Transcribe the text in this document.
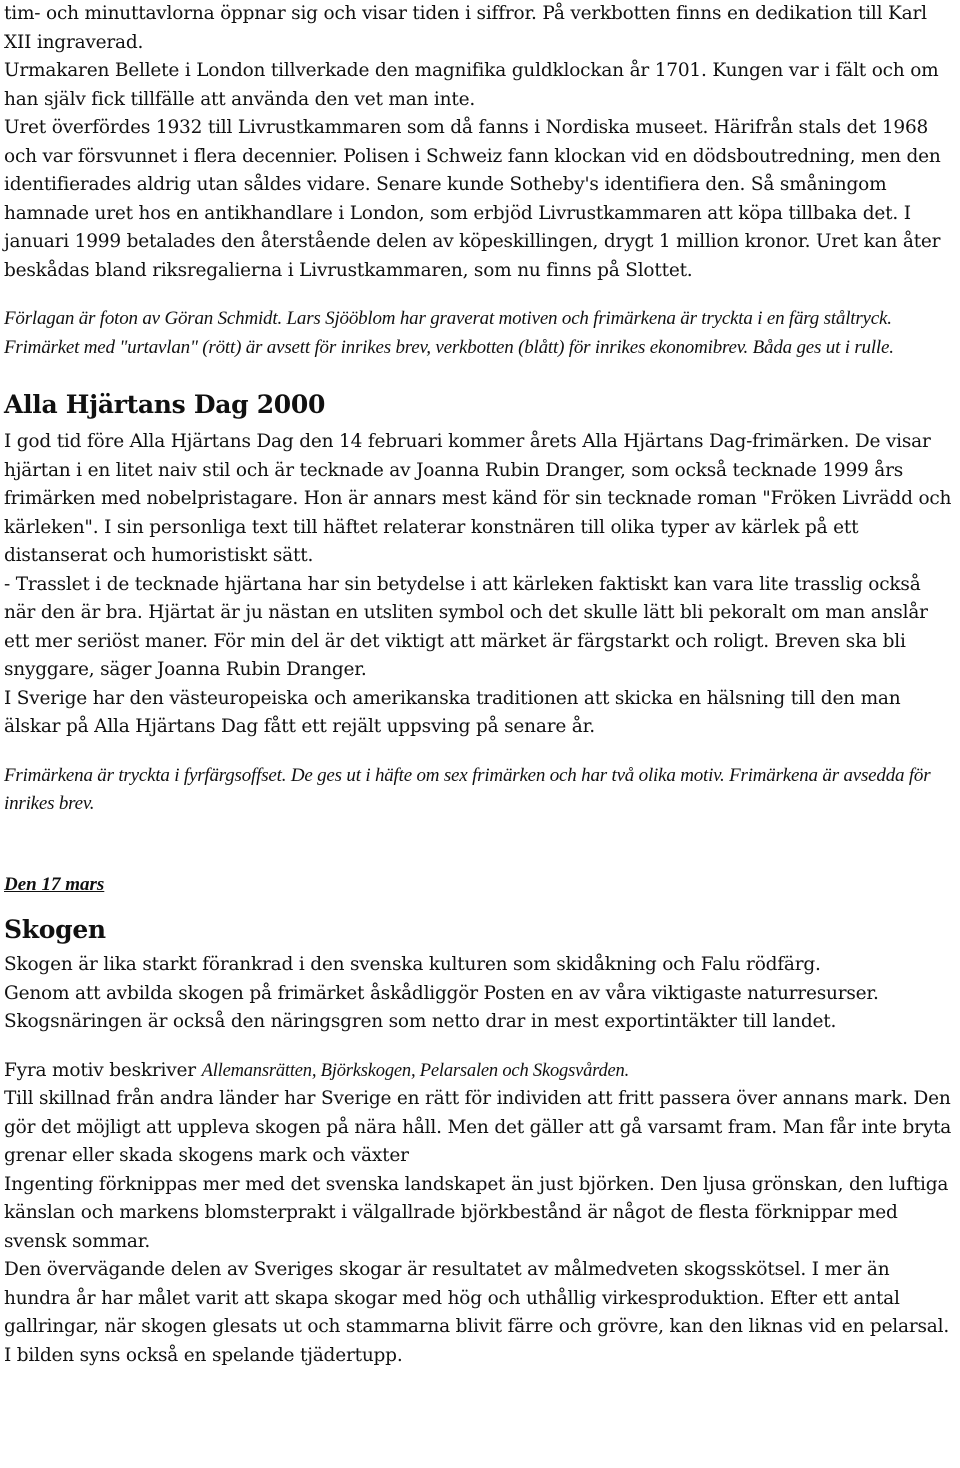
tim- och minuttavlorna öppnar sig och visar tiden i siffror. På verkbotten finns en dedikation till Karl XII ingraverad.

Urmakaren Bellete i London tillverkade den magnifika guldklockan år 1701. Kungen var i fält och om han själv fick tillfälle att använda den vet man inte.

Uret överfördes 1932 till Livrustkammaren som då fanns i Nordiska museet. Härifrån stals det 1968 och var försvunnet i flera decennier. Polisen i Schweiz fann klockan vid en dödsboutredning, men den identifierades aldrig utan såldes vidare. Senare kunde Sotheby's identifiera den. Så småningom hamnade uret hos en antikhandlare i London, som erbjöd Livrustkammaren att köpa tillbaka det. I januari 1999 betalades den återstående delen av köpeskillingen, drygt 1 million kronor. Uret kan åter beskådas bland riksregalierna i Livrustkammaren, som nu finns på Slottet.

Förlagan är foton av Göran Schmidt. Lars Sjööblom har graverat motiven och frimärkena är tryckta i en färg ståltryck. Frimärket med "urtavlan" (rött) är avsett för inrikes brev, verkbotten (blått) för inrikes ekonomibrev. Båda ges ut i rulle.

Alla Hjärtans Dag 2000

I god tid före Alla Hjärtans Dag den 14 februari kommer årets Alla Hjärtans Dag-frimärken. De visar hjärtan i en litet naiv stil och är tecknade av Joanna Rubin Dranger, som också tecknade 1999 års frimärken med nobelpristagare. Hon är annars mest känd för sin tecknade roman "Fröken Livrädd och kärleken". I sin personliga text till häftet relaterar konstnären till olika typer av kärlek på ett distanserat och humoristiskt sätt.

- Trasslet i de tecknade hjärtana har sin betydelse i att kärleken faktiskt kan vara lite trasslig också när den är bra. Hjärtat är ju nästan en utsliten symbol och det skulle lätt bli pekoralt om man anslår ett mer seriöst maner. För min del är det viktigt att märket är färgstarkt och roligt. Breven ska bli snyggare, säger Joanna Rubin Dranger.

I Sverige har den västeuropeiska och amerikanska traditionen att skicka en hälsning till den man älskar på Alla Hjärtans Dag fått ett rejält uppsving på senare år.

Frimärkena är tryckta i fyrfärgsoffset. De ges ut i häfte om sex frimärken och har två olika motiv. Frimärkena är avsedda för inrikes brev.

Den 17 mars

Skogen

Skogen är lika starkt förankrad i den svenska kulturen som skidåkning och Falu rödfärg.

Genom att avbilda skogen på frimärket åskådliggör Posten en av våra viktigaste naturresurser.

Skogsnäringen är också den näringsgren som netto drar in mest exportintäkter till landet.

Fyra motiv beskriver Allemansrätten, Björkskogen, Pelarsalen och Skogsvården.

Till skillnad från andra länder har Sverige en rätt för individen att fritt passera över annans mark. Den gör det möjligt att uppleva skogen på nära håll. Men det gäller att gå varsamt fram. Man får inte bryta grenar eller skada skogens mark och växter

Ingenting förknippas mer med det svenska landskapet än just björken. Den ljusa grönskan, den luftiga känslan och markens blomsterprakt i välgallrade björkbestånd är något de flesta förknippar med svensk sommar.

Den övervägande delen av Sveriges skogar är resultatet av målmedveten skogsskötsel. I mer än hundra år har målet varit att skapa skogar med hög och uthållig virkesproduktion. Efter ett antal gallringar, när skogen glesats ut och stammarna blivit färre och grövre, kan den liknas vid en pelarsal. I bilden syns också en spelande tjädertupp.
